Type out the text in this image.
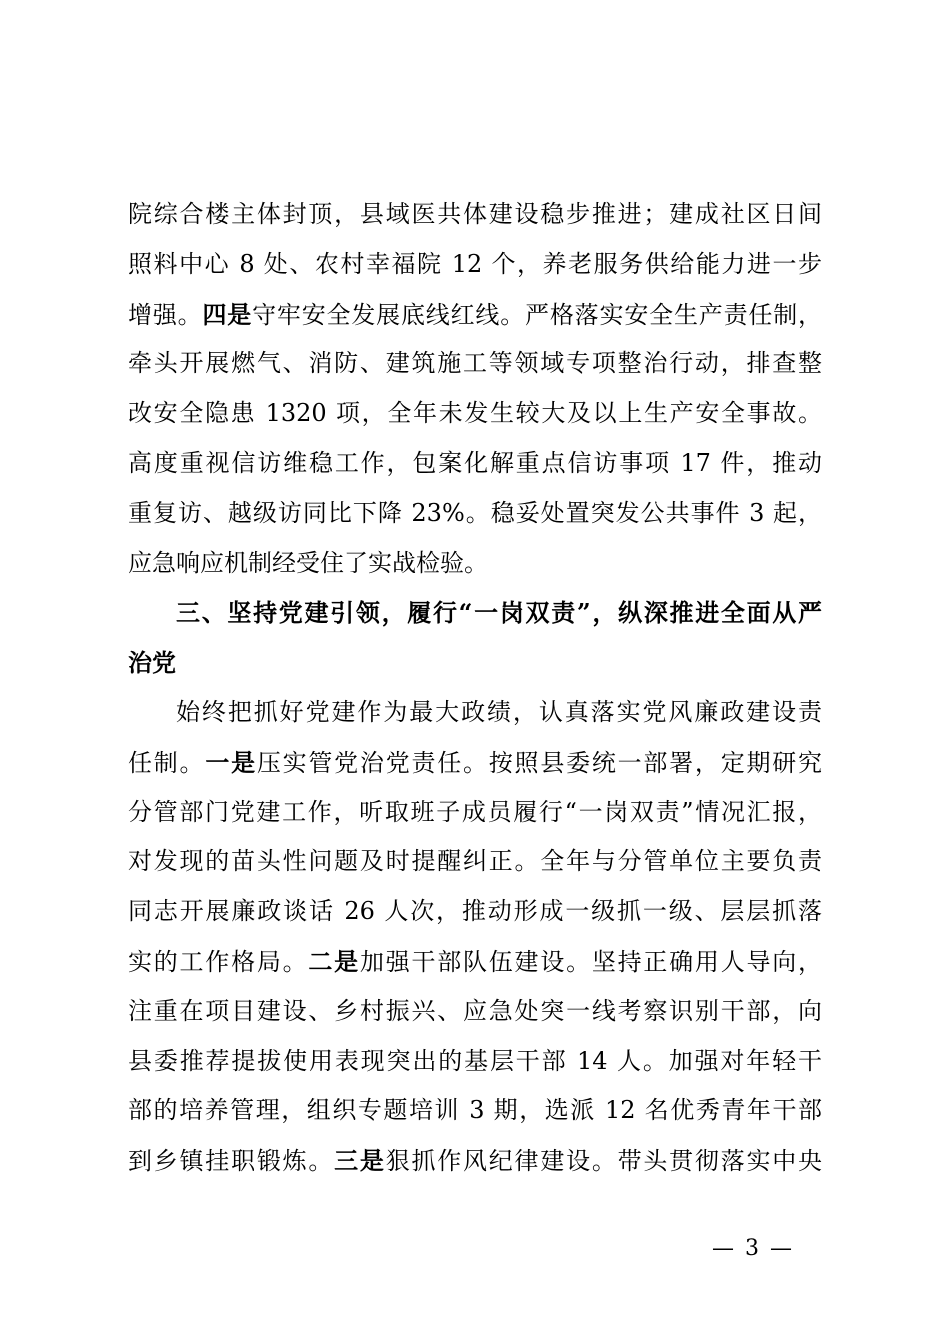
院综合楼主体封顶，县域医共体建设稳步推进；建成社区日间
照料中心 8 处、农村幸福院 12 个，养老服务供给能力进一步
增强。四是守牢安全发展底线红线。严格落实安全生产责任制，
牵头开展燃气、消防、建筑施工等领域专项整治行动，排查整
改安全隐患 1320 项，全年未发生较大及以上生产安全事故。
高度重视信访维稳工作，包案化解重点信访事项 17 件，推动
重复访、越级访同比下降 23%。稳妥处置突发公共事件 3 起，
应急响应机制经受住了实战检验。
三、坚持党建引领，履行“一岗双责”，纵深推进全面从严
治党
始终把抓好党建作为最大政绩，认真落实党风廉政建设责
任制。一是压实管党治党责任。按照县委统一部署，定期研究
分管部门党建工作，听取班子成员履行“一岗双责”情况汇报，
对发现的苗头性问题及时提醒纠正。全年与分管单位主要负责
同志开展廉政谈话 26 人次，推动形成一级抓一级、层层抓落
实的工作格局。二是加强干部队伍建设。坚持正确用人导向，
注重在项目建设、乡村振兴、应急处突一线考察识别干部，向
县委推荐提拔使用表现突出的基层干部 14 人。加强对年轻干
部的培养管理，组织专题培训 3 期，选派 12 名优秀青年干部
到乡镇挂职锻炼。三是狠抓作风纪律建设。带头贯彻落实中央
— 3 —
